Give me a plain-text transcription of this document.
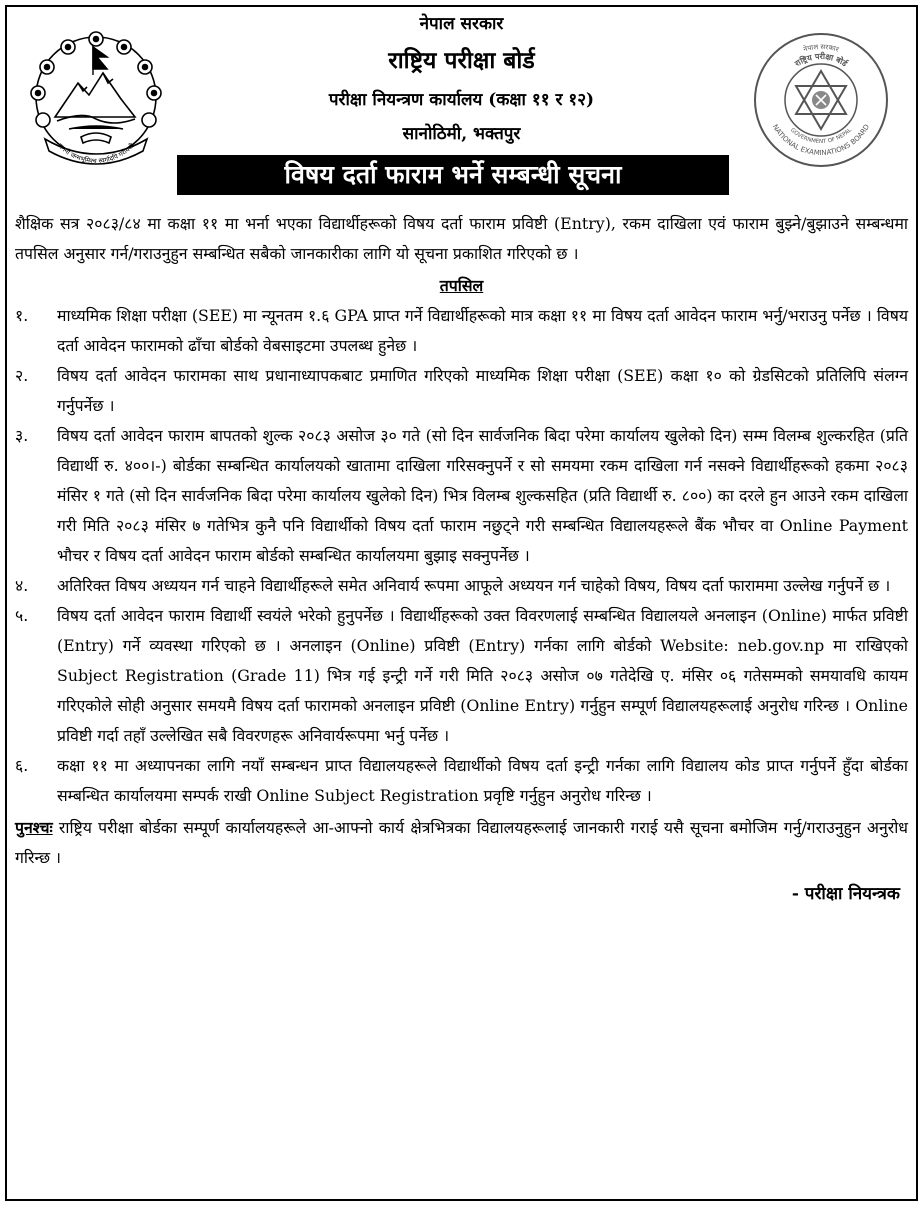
जननी जन्मभूमिश्च स्वर्गादपि गरीयसी
नेपाल सरकार
राष्ट्रिय परीक्षा बोर्ड
परीक्षा नियन्त्रण कार्यालय (कक्षा ११ र १२)
सानोठिमी, भक्तपुर
विषय दर्ता फाराम भर्ने सम्बन्धी सूचना
नेपाल सरकार
राष्ट्रिय परीक्षा बोर्ड
NATIONAL EXAMINATIONS BOARD
GOVERNMENT OF NEPAL

शैक्षिक सत्र २०८३/८४ मा कक्षा ११ मा भर्ना भएका विद्यार्थीहरूको विषय दर्ता फाराम प्रविष्टी (Entry), रकम दाखिला एवं फाराम बुझ्ने/बुझाउने सम्बन्धमा तपसिल अनुसार गर्न/गराउनुहुन सम्बन्धित सबैको जानकारीका लागि यो सूचना प्रकाशित गरिएको छ ।

तपसिल
१.	माध्यमिक शिक्षा परीक्षा (SEE) मा न्यूनतम १.६ GPA प्राप्त गर्ने विद्यार्थीहरूको मात्र कक्षा ११ मा विषय दर्ता आवेदन फाराम भर्नु/भराउनु पर्नेछ । विषय दर्ता आवेदन फारामको ढाँचा बोर्डको वेबसाइटमा उपलब्ध हुनेछ ।
२.	विषय दर्ता आवेदन फारामका साथ प्रधानाध्यापकबाट प्रमाणित गरिएको माध्यमिक शिक्षा परीक्षा (SEE) कक्षा १० को ग्रेडसिटको प्रतिलिपि संलग्न गर्नुपर्नेछ ।
३.	विषय दर्ता आवेदन फाराम बापतको शुल्क २०८३ असोज ३० गते (सो दिन सार्वजनिक बिदा परेमा कार्यालय खुलेको दिन) सम्म विलम्ब शुल्करहित (प्रति विद्यार्थी रु. ४००।-) बोर्डका सम्बन्धित कार्यालयको खातामा दाखिला गरिसक्नुपर्ने र सो समयमा रकम दाखिला गर्न नसक्ने विद्यार्थीहरूको हकमा २०८३ मंसिर १ गते (सो दिन सार्वजनिक बिदा परेमा कार्यालय खुलेको दिन) भित्र विलम्ब शुल्कसहित (प्रति विद्यार्थी रु. ८००) का दरले हुन आउने रकम दाखिला गरी मिति २०८३ मंसिर ७ गतेभित्र कुनै पनि विद्यार्थीको विषय दर्ता फाराम नछुट्ने गरी सम्बन्धित विद्यालयहरूले बैंक भौचर वा Online Payment भौचर र विषय दर्ता आवेदन फाराम बोर्डको सम्बन्धित कार्यालयमा बुझाइ सक्नुपर्नेछ ।
४.	अतिरिक्त विषय अध्ययन गर्न चाहने विद्यार्थीहरूले समेत अनिवार्य रूपमा आफूले अध्ययन गर्न चाहेको विषय, विषय दर्ता फाराममा उल्लेख गर्नुपर्ने छ ।
५.	विषय दर्ता आवेदन फाराम विद्यार्थी स्वयंले भरेको हुनुपर्नेछ । विद्यार्थीहरूको उक्त विवरणलाई सम्बन्धित विद्यालयले अनलाइन (Online) मार्फत प्रविष्टी (Entry) गर्ने व्यवस्था गरिएको छ । अनलाइन (Online) प्रविष्टी (Entry) गर्नका लागि बोर्डको Website: neb.gov.np मा राखिएको Subject Registration (Grade 11) भित्र गई इन्ट्री गर्ने गरी मिति २०८३ असोज ०७ गतेदेखि ए. मंसिर ०६ गतेसम्मको समयावधि कायम गरिएकोले सोही अनुसार समयमै विषय दर्ता फारामको अनलाइन प्रविष्टी (Online Entry) गर्नुहुन सम्पूर्ण विद्यालयहरूलाई अनुरोध गरिन्छ । Online प्रविष्टी गर्दा तहाँ उल्लेखित सबै विवरणहरू अनिवार्यरूपमा भर्नु पर्नेछ ।
६.	कक्षा ११ मा अध्यापनका लागि नयाँ सम्बन्धन प्राप्त विद्यालयहरूले विद्यार्थीको विषय दर्ता इन्ट्री गर्नका लागि विद्यालय कोड प्राप्त गर्नुपर्ने हुँदा बोर्डका सम्बन्धित कार्यालयमा सम्पर्क राखी Online Subject Registration प्रवृष्टि गर्नुहुन अनुरोध गरिन्छ ।

पुनश्चः राष्ट्रिय परीक्षा बोर्डका सम्पूर्ण कार्यालयहरूले आ-आफ्नो कार्य क्षेत्रभित्रका विद्यालयहरूलाई जानकारी गराई यसै सूचना बमोजिम गर्नु/गराउनुहुन अनुरोध गरिन्छ ।

- परीक्षा नियन्त्रक
